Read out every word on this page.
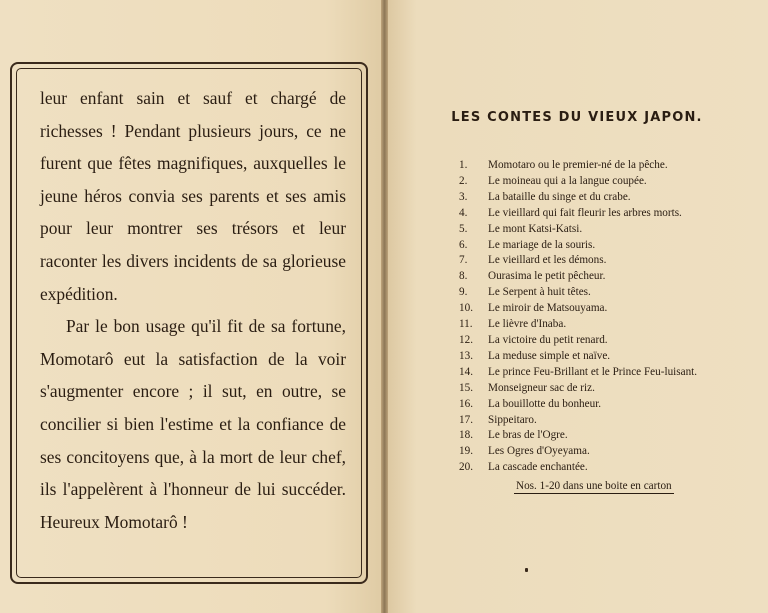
leur enfant sain et sauf et chargé de richesses ! Pendant plusieurs jours, ce ne furent que fêtes magnifiques, auxquelles le jeune héros convia ses parents et ses amis pour leur montrer ses trésors et leur raconter les divers incidents de sa glorieuse expédition.

Par le bon usage qu'il fit de sa fortune, Momotarô eut la satisfaction de la voir s'augmenter encore ; il sut, en outre, se concilier si bien l'estime et la confiance de ses concitoyens que, à la mort de leur chef, ils l'appelèrent à l'honneur de lui succéder. Heureux Momotarô !

LES CONTES DU VIEUX JAPON.
1.	Momotaro ou le premier-né de la pêche.
2.	Le moineau qui a la langue coupée.
3.	La bataille du singe et du crabe.
4.	Le vieillard qui fait fleurir les arbres morts.
5.	Le mont Katsi-Katsi.
6.	Le mariage de la souris.
7.	Le vieillard et les démons.
8.	Ourasima le petit pêcheur.
9.	Le Serpent à huit têtes.
10.	Le miroir de Matsouyama.
11.	Le lièvre d'Inaba.
12.	La victoire du petit renard.
13.	La meduse simple et naïve.
14.	Le prince Feu-Brillant et le Prince Feu-luisant.
15.	Monseigneur sac de riz.
16.	La bouillotte du bonheur.
17.	Sippeitaro.
18.	Le bras de l'Ogre.
19.	Les Ogres d'Oyeyama.
20.	La cascade enchantée.
Nos. 1-20 dans une boite en carton
